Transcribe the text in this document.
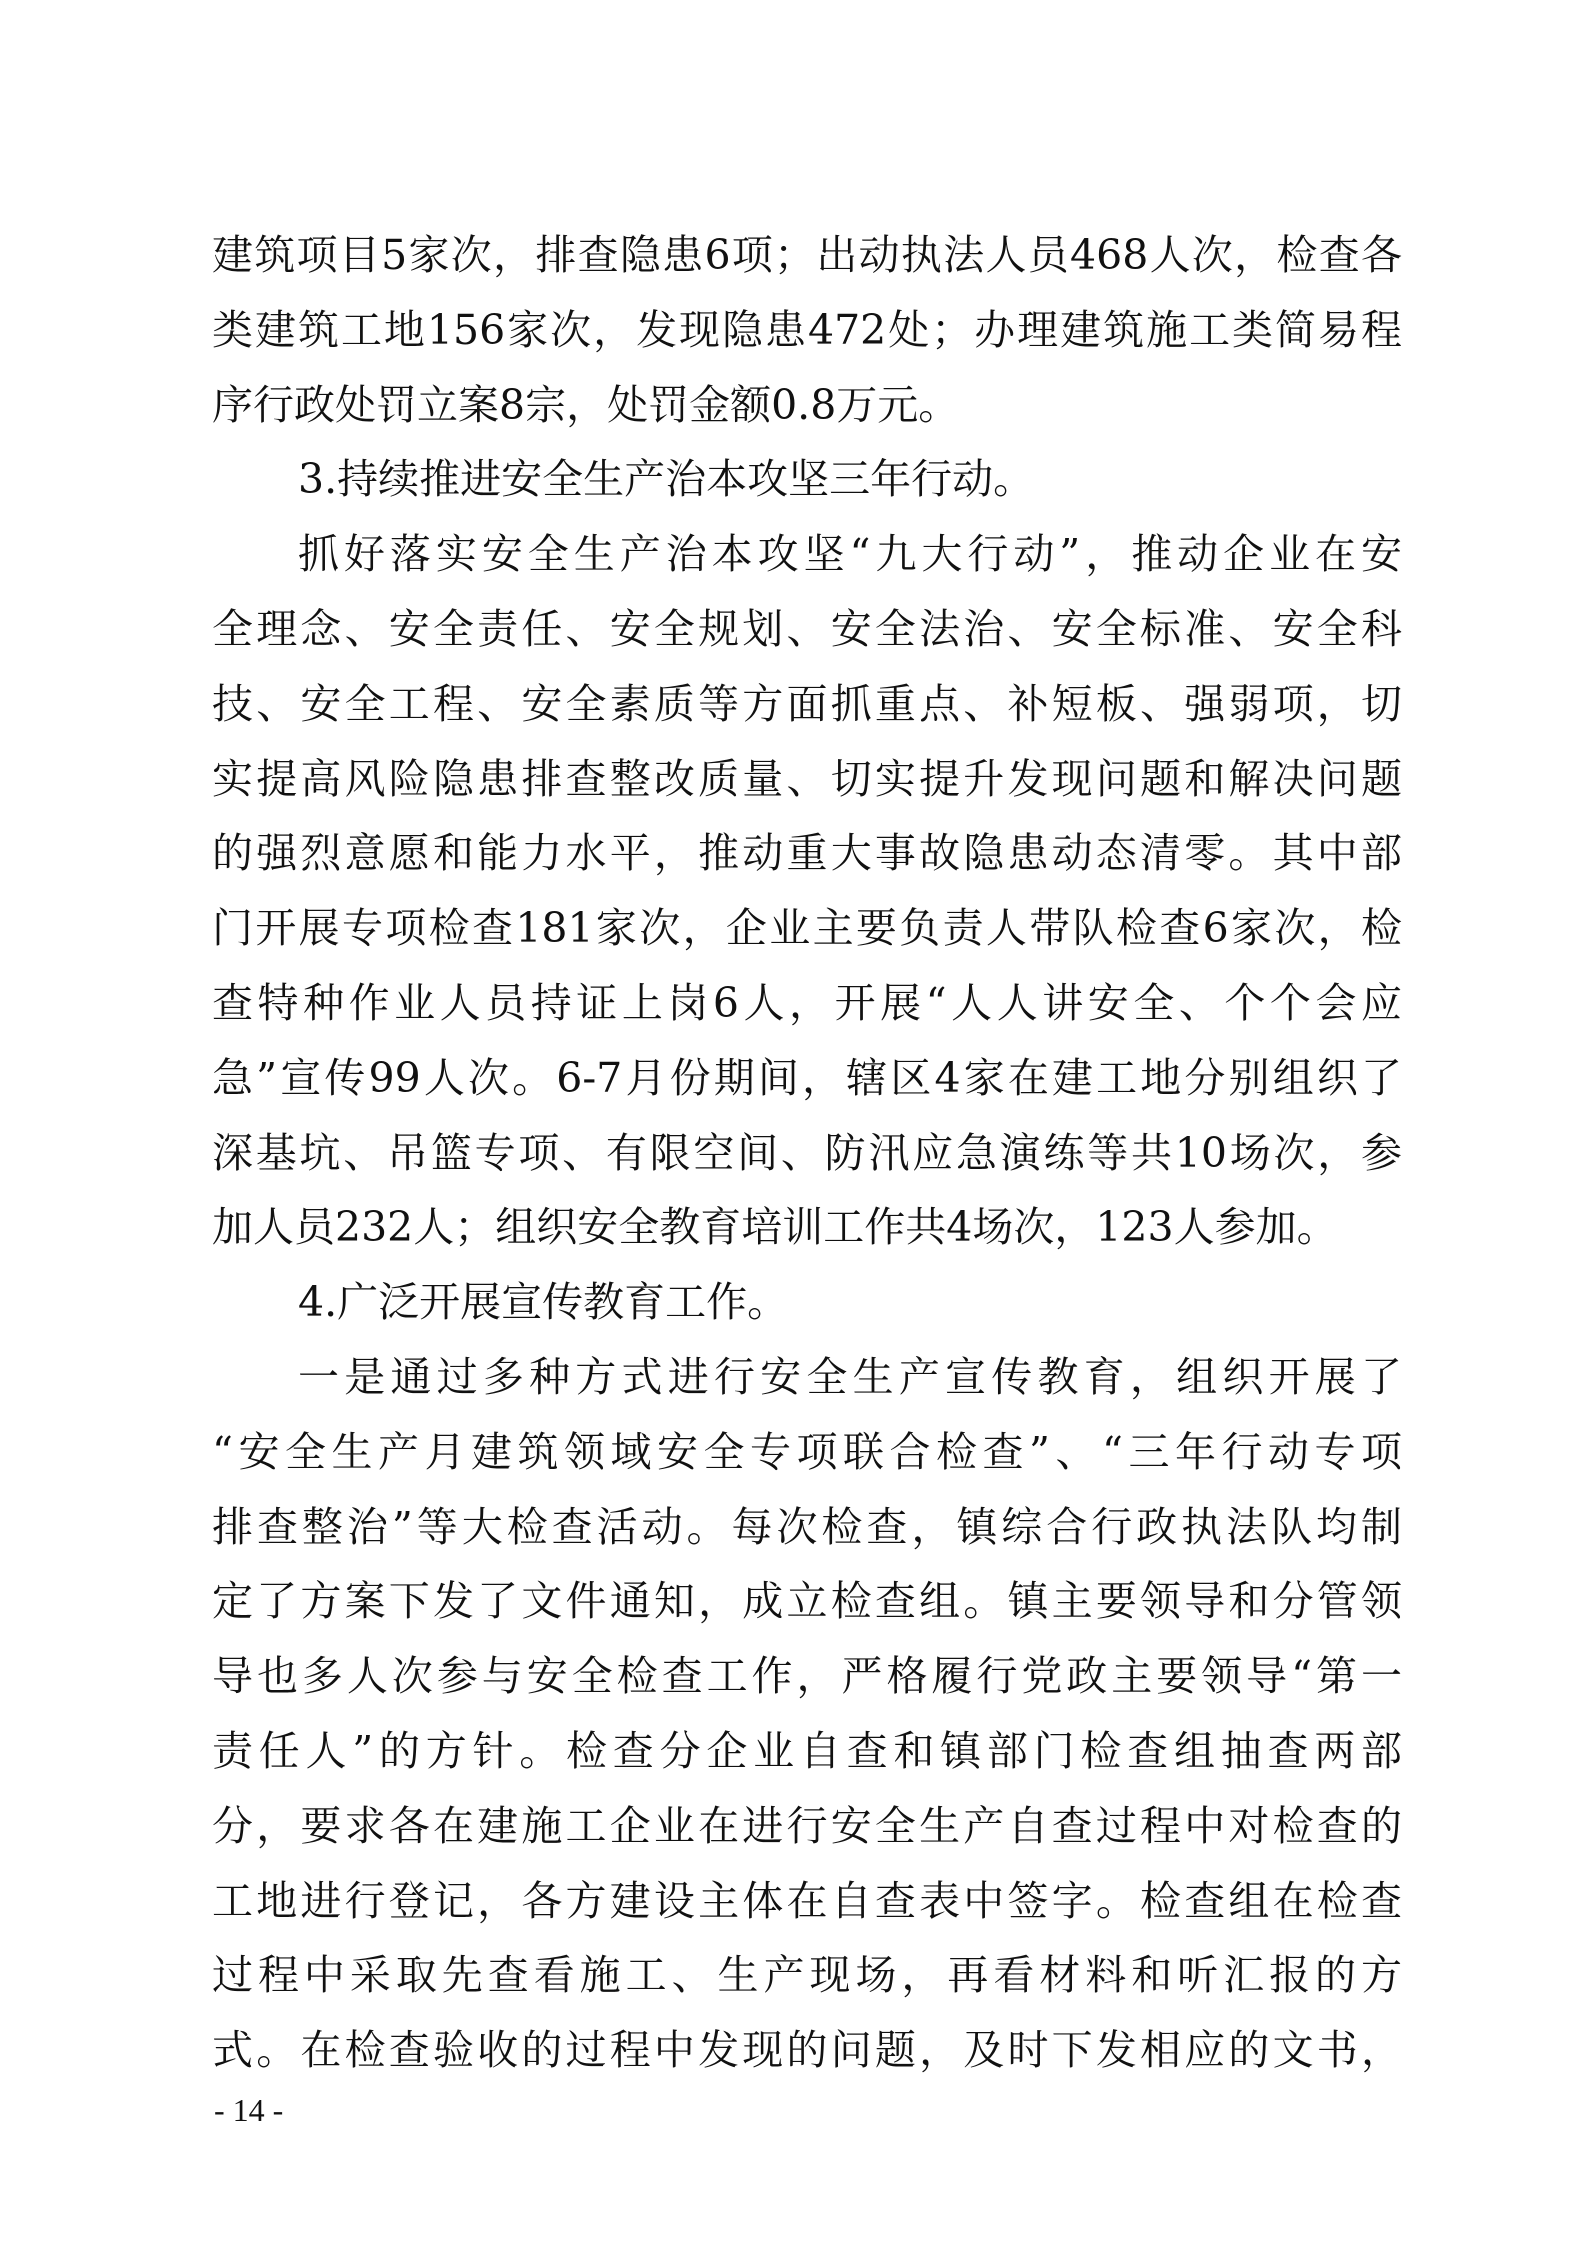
建筑项目5家次，排查隐患6项；出动执法人员468人次，检查各
类建筑工地156家次，发现隐患472处；办理建筑施工类简易程
序行政处罚立案8宗，处罚金额0.8万元。
3.持续推进安全生产治本攻坚三年行动。
抓好落实安全生产治本攻坚“九大行动”，推动企业在安
全理念、安全责任、安全规划、安全法治、安全标准、安全科
技、安全工程、安全素质等方面抓重点、补短板、强弱项，切
实提高风险隐患排查整改质量、切实提升发现问题和解决问题
的强烈意愿和能力水平，推动重大事故隐患动态清零。其中部
门开展专项检查181家次，企业主要负责人带队检查6家次，检
查特种作业人员持证上岗6人，开展“人人讲安全、个个会应
急”宣传99人次。6-7月份期间，辖区4家在建工地分别组织了
深基坑、吊篮专项、有限空间、防汛应急演练等共10场次，参
加人员232人；组织安全教育培训工作共4场次，123人参加。
4.广泛开展宣传教育工作。
一是通过多种方式进行安全生产宣传教育，组织开展了
“安全生产月建筑领域安全专项联合检查”、“三年行动专项
排查整治”等大检查活动。每次检查，镇综合行政执法队均制
定了方案下发了文件通知，成立检查组。镇主要领导和分管领
导也多人次参与安全检查工作，严格履行党政主要领导“第一
责任人”的方针。检查分企业自查和镇部门检查组抽查两部
分，要求各在建施工企业在进行安全生产自查过程中对检查的
工地进行登记，各方建设主体在自查表中签字。检查组在检查
过程中采取先查看施工、生产现场，再看材料和听汇报的方
式。在检查验收的过程中发现的问题，及时下发相应的文书，
- 14 -
